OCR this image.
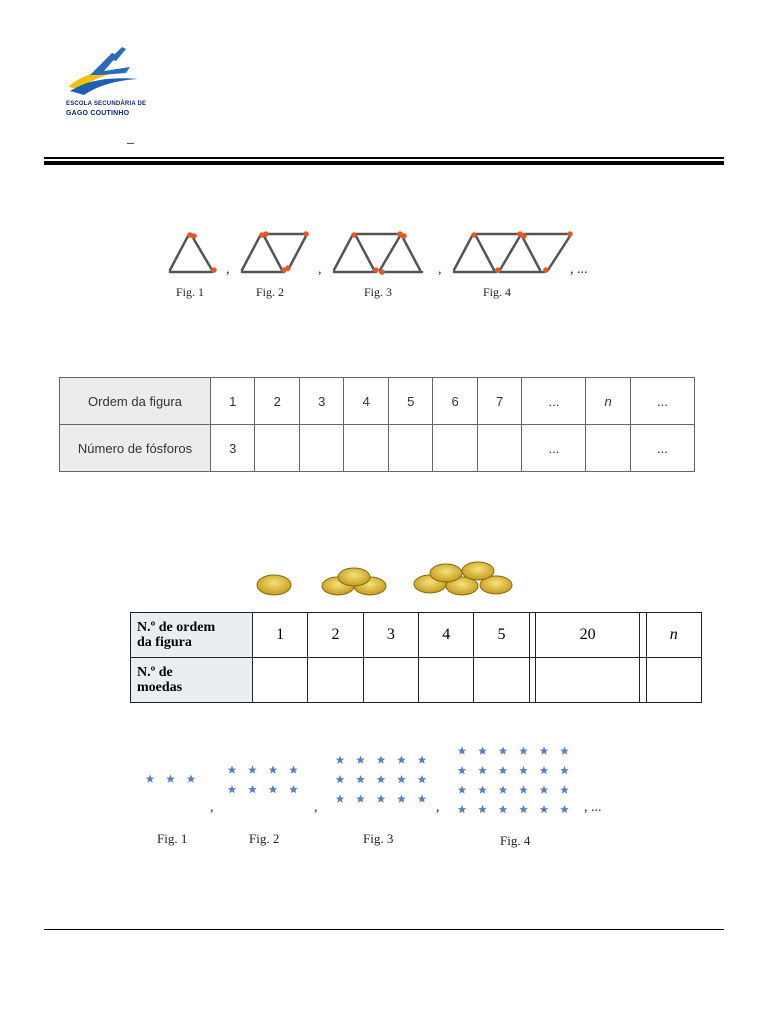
ESCOLA SECUNDÁRIA DE
GAGO COUTINHO
_
,	,	,	, ...
Fig. 1	Fig. 2	Fig. 3	Fig. 4
Ordem da figura	1	2	3	4	5	6	7	...	n	...
Número de fósforos	3							...		...
N.º de ordem
da figura	1	2	3	4	5		20		n
N.º de
moedas									
,	,	,	, ...
Fig. 1	Fig. 2	Fig. 3	Fig. 4
